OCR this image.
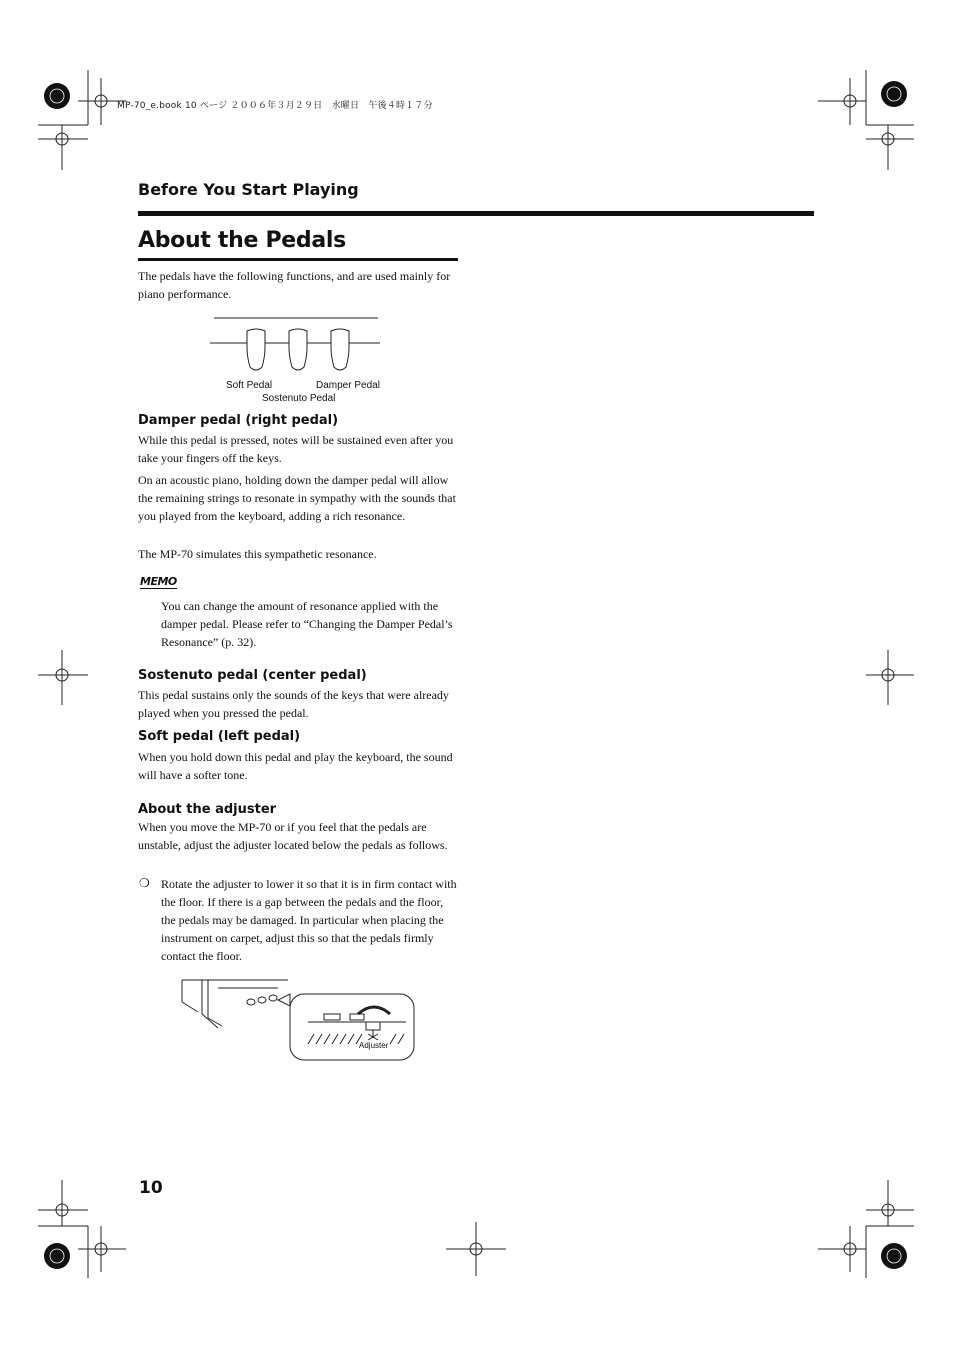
MP-70_e.book 10 ページ ２００６年３月２９日　水曜日　午後４時１７分
Before You Start Playing
About the Pedals
The pedals have the following functions, and are used mainly for piano performance.
Soft Pedal	Damper Pedal
Sostenuto Pedal
Damper pedal (right pedal)
While this pedal is pressed, notes will be sustained even after you take your fingers off the keys.
On an acoustic piano, holding down the damper pedal will allow the remaining strings to resonate in sympathy with the sounds that you played from the keyboard, adding a rich resonance.
The MP-70 simulates this sympathetic resonance.
MEMO
You can change the amount of resonance applied with the damper pedal. Please refer to “Changing the Damper Pedal’s Resonance” (p. 32).
Sostenuto pedal (center pedal)
This pedal sustains only the sounds of the keys that were already played when you pressed the pedal.
Soft pedal (left pedal)
When you hold down this pedal and play the keyboard, the sound will have a softer tone.
About the adjuster
When you move the MP-70 or if you feel that the pedals are unstable, adjust the adjuster located below the pedals as follows.
❍ Rotate the adjuster to lower it so that it is in firm contact with the floor. If there is a gap between the pedals and the floor, the pedals may be damaged. In particular when placing the instrument on carpet, adjust this so that the pedals firmly contact the floor.
Adjuster
10
